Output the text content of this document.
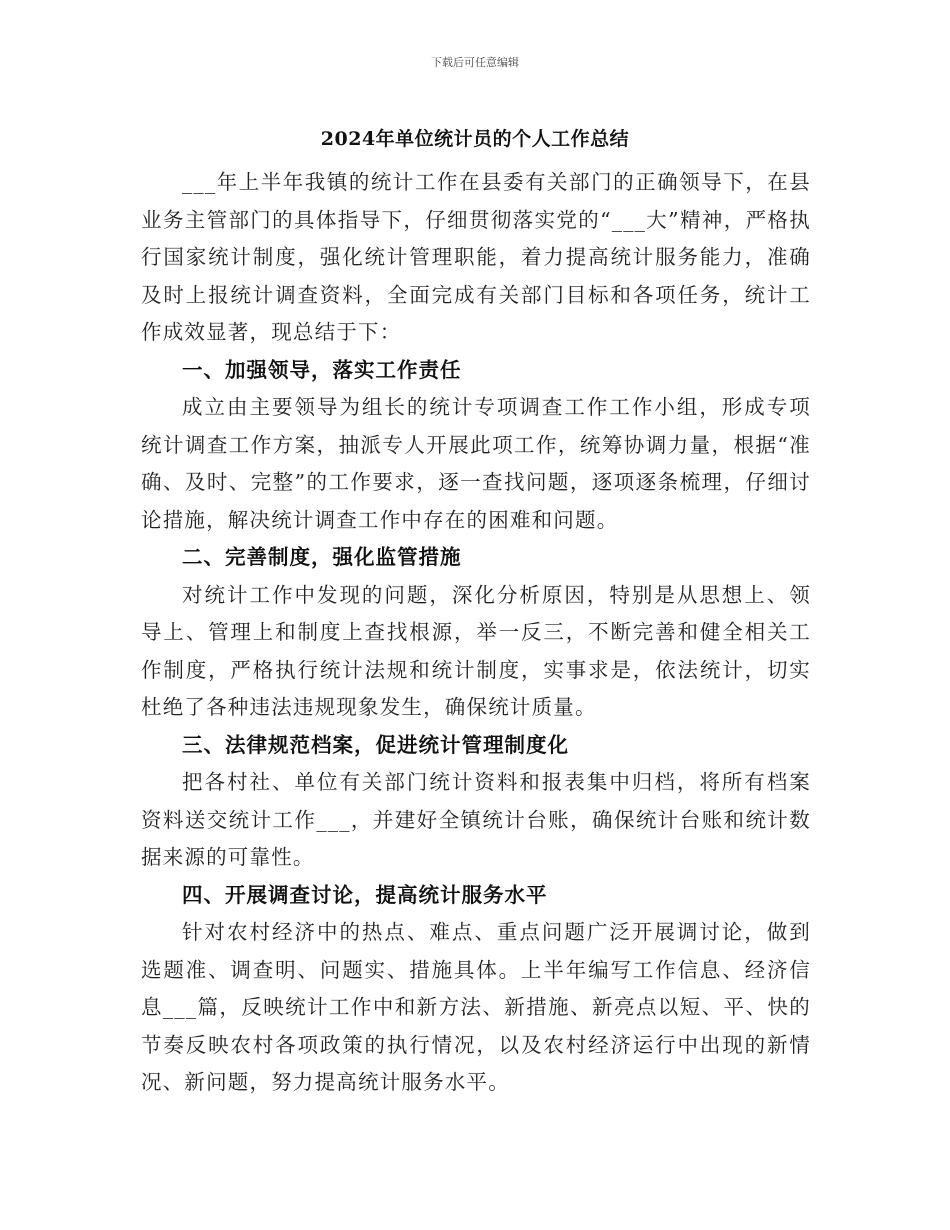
下载后可任意编辑
2024年单位统计员的个人工作总结

___年上半年我镇的统计工作在县委有关部门的正确领导下，在县业务主管部门的具体指导下，仔细贯彻落实党的“___大”精神，严格执行国家统计制度，强化统计管理职能，着力提高统计服务能力，准确及时上报统计调查资料，全面完成有关部门目标和各项任务，统计工作成效显著，现总结于下：

一、加强领导，落实工作责任

成立由主要领导为组长的统计专项调查工作工作小组，形成专项统计调查工作方案，抽派专人开展此项工作，统筹协调力量，根据“准确、及时、完整”的工作要求，逐一查找问题，逐项逐条梳理，仔细讨论措施，解决统计调查工作中存在的困难和问题。

二、完善制度，强化监管措施

对统计工作中发现的问题，深化分析原因，特别是从思想上、领导上、管理上和制度上查找根源，举一反三，不断完善和健全相关工作制度，严格执行统计法规和统计制度，实事求是，依法统计，切实杜绝了各种违法违规现象发生，确保统计质量。

三、法律规范档案，促进统计管理制度化

把各村社、单位有关部门统计资料和报表集中归档，将所有档案资料送交统计工作___，并建好全镇统计台账，确保统计台账和统计数据来源的可靠性。

四、开展调查讨论，提高统计服务水平

针对农村经济中的热点、难点、重点问题广泛开展调讨论，做到选题准、调查明、问题实、措施具体。上半年编写工作信息、经济信息___篇，反映统计工作中和新方法、新措施、新亮点以短、平、快的节奏反映农村各项政策的执行情况，以及农村经济运行中出现的新情况、新问题，努力提高统计服务水平。
